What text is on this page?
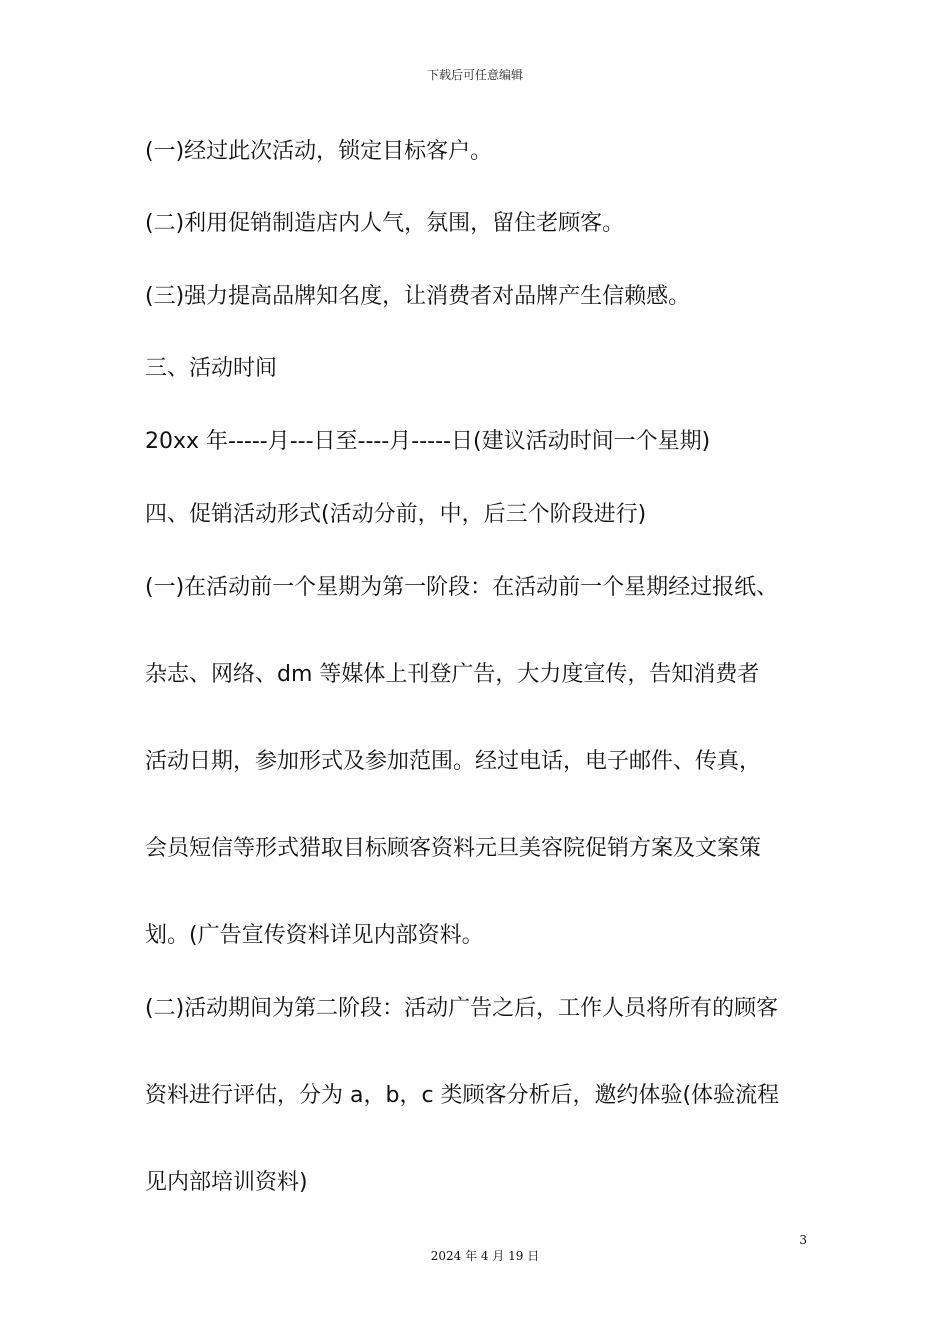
下载后可任意编辑
(一)经过此次活动，锁定目标客户。
(二)利用促销制造店内人气，氛围，留住老顾客。
(三)强力提高品牌知名度，让消费者对品牌产生信赖感。
三、活动时间
20xx 年-----月---日至----月-----日(建议活动时间一个星期)
四、促销活动形式(活动分前，中，后三个阶段进行)
(一)在活动前一个星期为第一阶段：在活动前一个星期经过报纸、
杂志、网络、dm 等媒体上刊登广告，大力度宣传，告知消费者
活动日期，参加形式及参加范围。经过电话，电子邮件、传真，
会员短信等形式猎取目标顾客资料元旦美容院促销方案及文案策
划。(广告宣传资料详见内部资料。
(二)活动期间为第二阶段：活动广告之后，工作人员将所有的顾客
资料进行评估，分为 a，b，c 类顾客分析后，邀约体验(体验流程
见内部培训资料)
3
2024 年 4 月 19 日
